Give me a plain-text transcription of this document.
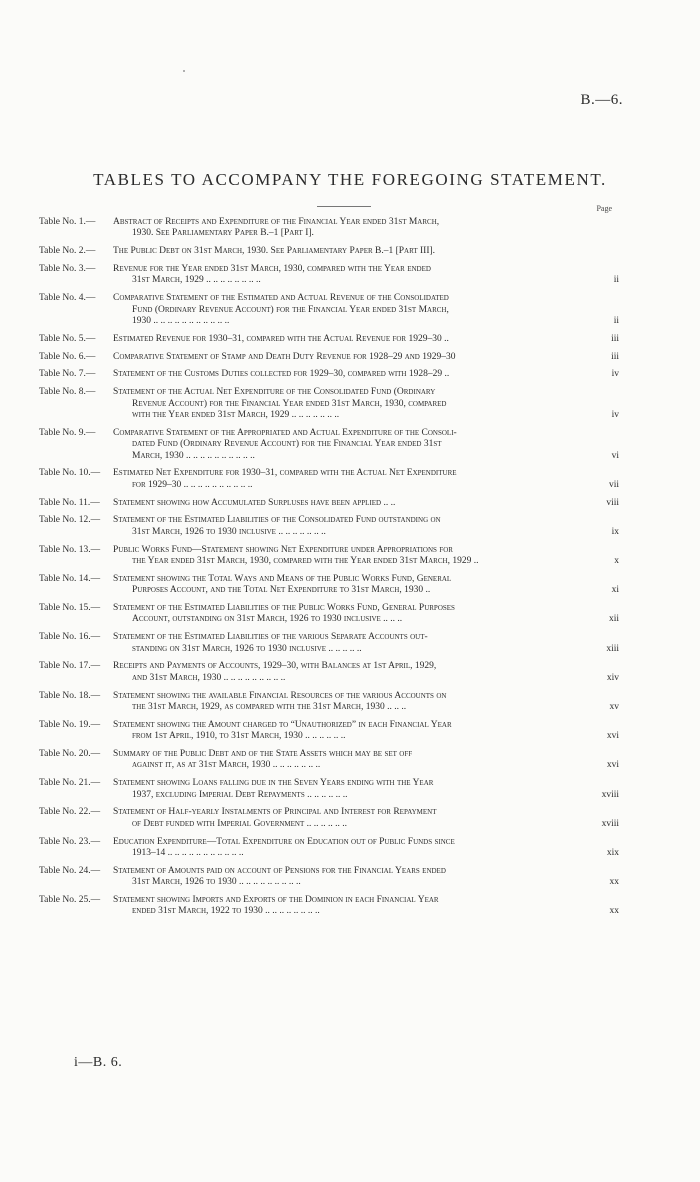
B.—6.
TABLES TO ACCOMPANY THE FOREGOING STATEMENT.
Page
Table No. 1.—	Abstract of Receipts and Expenditure of the Financial Year ended 31st March,
1930. See Parliamentary Paper B.–1 [Part I].
Table No. 2.—	The Public Debt on 31st March, 1930. See Parliamentary Paper B.–1 [Part III].
Table No. 3.—	Revenue for the Year ended 31st March, 1930, compared with the Year ended
31st March, 1929 .. .. .. .. .. .. .. ..	ii
Table No. 4.—	Comparative Statement of the Estimated and Actual Revenue of the Consolidated
Fund (Ordinary Revenue Account) for the Financial Year ended 31st March,
1930 .. .. .. .. .. .. .. .. .. .. ..	ii
Table No. 5.—	Estimated Revenue for 1930–31, compared with the Actual Revenue for 1929–30 ..	iii
Table No. 6.—	Comparative Statement of Stamp and Death Duty Revenue for 1928–29 and 1929–30	iii
Table No. 7.—	Statement of the Customs Duties collected for 1929–30, compared with 1928–29 ..	iv
Table No. 8.—	Statement of the Actual Net Expenditure of the Consolidated Fund (Ordinary
Revenue Account) for the Financial Year ended 31st March, 1930, compared
with the Year ended 31st March, 1929 .. .. .. .. .. .. ..	iv
Table No. 9.—	Comparative Statement of the Appropriated and Actual Expenditure of the Consoli-
dated Fund (Ordinary Revenue Account) for the Financial Year ended 31st
March, 1930 .. .. .. .. .. .. .. .. .. ..	vi
Table No. 10.—	Estimated Net Expenditure for 1930–31, compared with the Actual Net Expenditure
for 1929–30 .. .. .. .. .. .. .. .. .. ..	vii
Table No. 11.—	Statement showing how Accumulated Surpluses have been applied .. ..	viii
Table No. 12.—	Statement of the Estimated Liabilities of the Consolidated Fund outstanding on
31st March, 1926 to 1930 inclusive .. .. .. .. .. .. ..	ix
Table No. 13.—	Public Works Fund—Statement showing Net Expenditure under Appropriations for
the Year ended 31st March, 1930, compared with the Year ended 31st March, 1929 ..	x
Table No. 14.—	Statement showing the Total Ways and Means of the Public Works Fund, General
Purposes Account, and the Total Net Expenditure to 31st March, 1930 ..	xi
Table No. 15.—	Statement of the Estimated Liabilities of the Public Works Fund, General Purposes
Account, outstanding on 31st March, 1926 to 1930 inclusive .. .. ..	xii
Table No. 16.—	Statement of the Estimated Liabilities of the various Separate Accounts out-
standing on 31st March, 1926 to 1930 inclusive .. .. .. .. ..	xiii
Table No. 17.—	Receipts and Payments of Accounts, 1929–30, with Balances at 1st April, 1929,
and 31st March, 1930 .. .. .. .. .. .. .. .. ..	xiv
Table No. 18.—	Statement showing the available Financial Resources of the various Accounts on
the 31st March, 1929, as compared with the 31st March, 1930 .. .. ..	xv
Table No. 19.—	Statement showing the Amount charged to “Unauthorized” in each Financial Year
from 1st April, 1910, to 31st March, 1930 .. .. .. .. .. ..	xvi
Table No. 20.—	Summary of the Public Debt and of the State Assets which may be set off
against it, as at 31st March, 1930 .. .. .. .. .. .. ..	xvi
Table No. 21.—	Statement showing Loans falling due in the Seven Years ending with the Year
1937, excluding Imperial Debt Repayments .. .. .. .. .. ..	xviii
Table No. 22.—	Statement of Half-yearly Instalments of Principal and Interest for Repayment
of Debt funded with Imperial Government .. .. .. .. .. ..	xviii
Table No. 23.—	Education Expenditure—Total Expenditure on Education out of Public Funds since
1913–14 .. .. .. .. .. .. .. .. .. .. ..	xix
Table No. 24.—	Statement of Amounts paid on account of Pensions for the Financial Years ended
31st March, 1926 to 1930 .. .. .. .. .. .. .. .. ..	xx
Table No. 25.—	Statement showing Imports and Exports of the Dominion in each Financial Year
ended 31st March, 1922 to 1930 .. .. .. .. .. .. .. ..	xx
i—B. 6.
